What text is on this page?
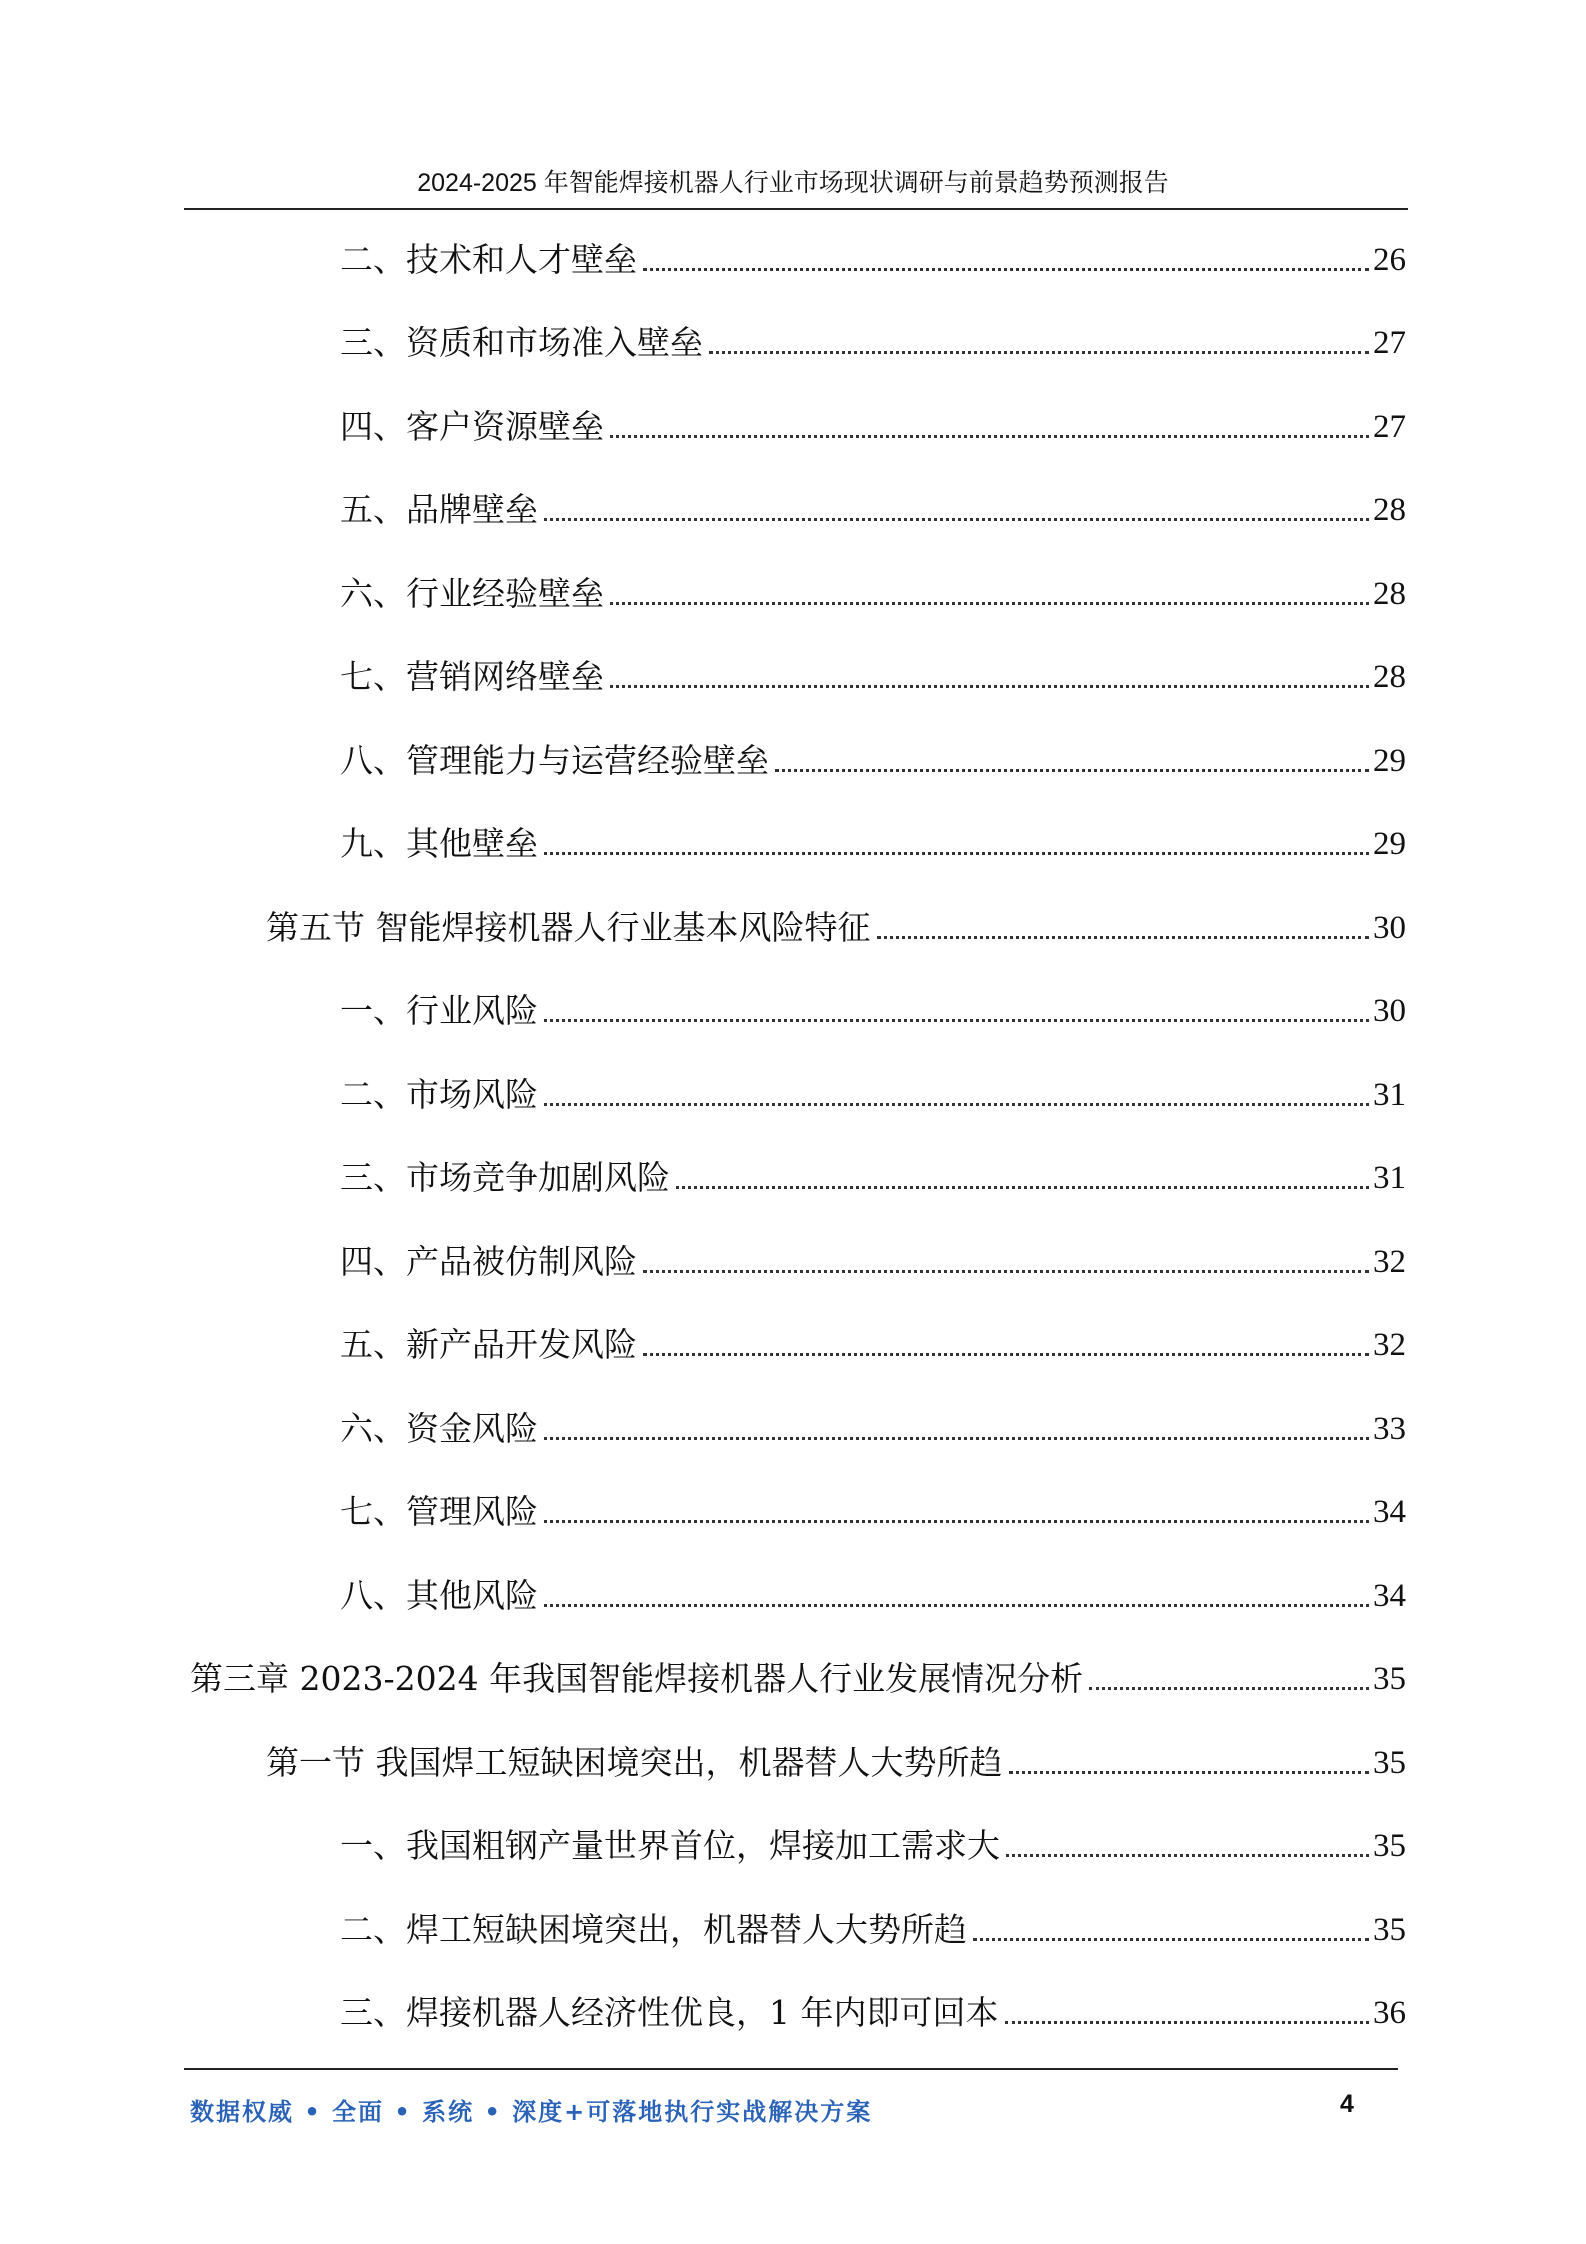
2024-2025 年智能焊接机器人行业市场现状调研与前景趋势预测报告
二、技术和人才壁垒	26
三、资质和市场准入壁垒	27
四、客户资源壁垒	27
五、品牌壁垒	28
六、行业经验壁垒	28
七、营销网络壁垒	28
八、管理能力与运营经验壁垒	29
九、其他壁垒	29
第五节 智能焊接机器人行业基本风险特征	30
一、行业风险	30
二、市场风险	31
三、市场竞争加剧风险	31
四、产品被仿制风险	32
五、新产品开发风险	32
六、资金风险	33
七、管理风险	34
八、其他风险	34
第三章 2023-2024 年我国智能焊接机器人行业发展情况分析	35
第一节 我国焊工短缺困境突出，机器替人大势所趋	35
一、我国粗钢产量世界首位，焊接加工需求大	35
二、焊工短缺困境突出，机器替人大势所趋	35
三、焊接机器人经济性优良，1 年内即可回本	36
数据权威 • 全面 • 系统 • 深度+可落地执行实战解决方案	4
